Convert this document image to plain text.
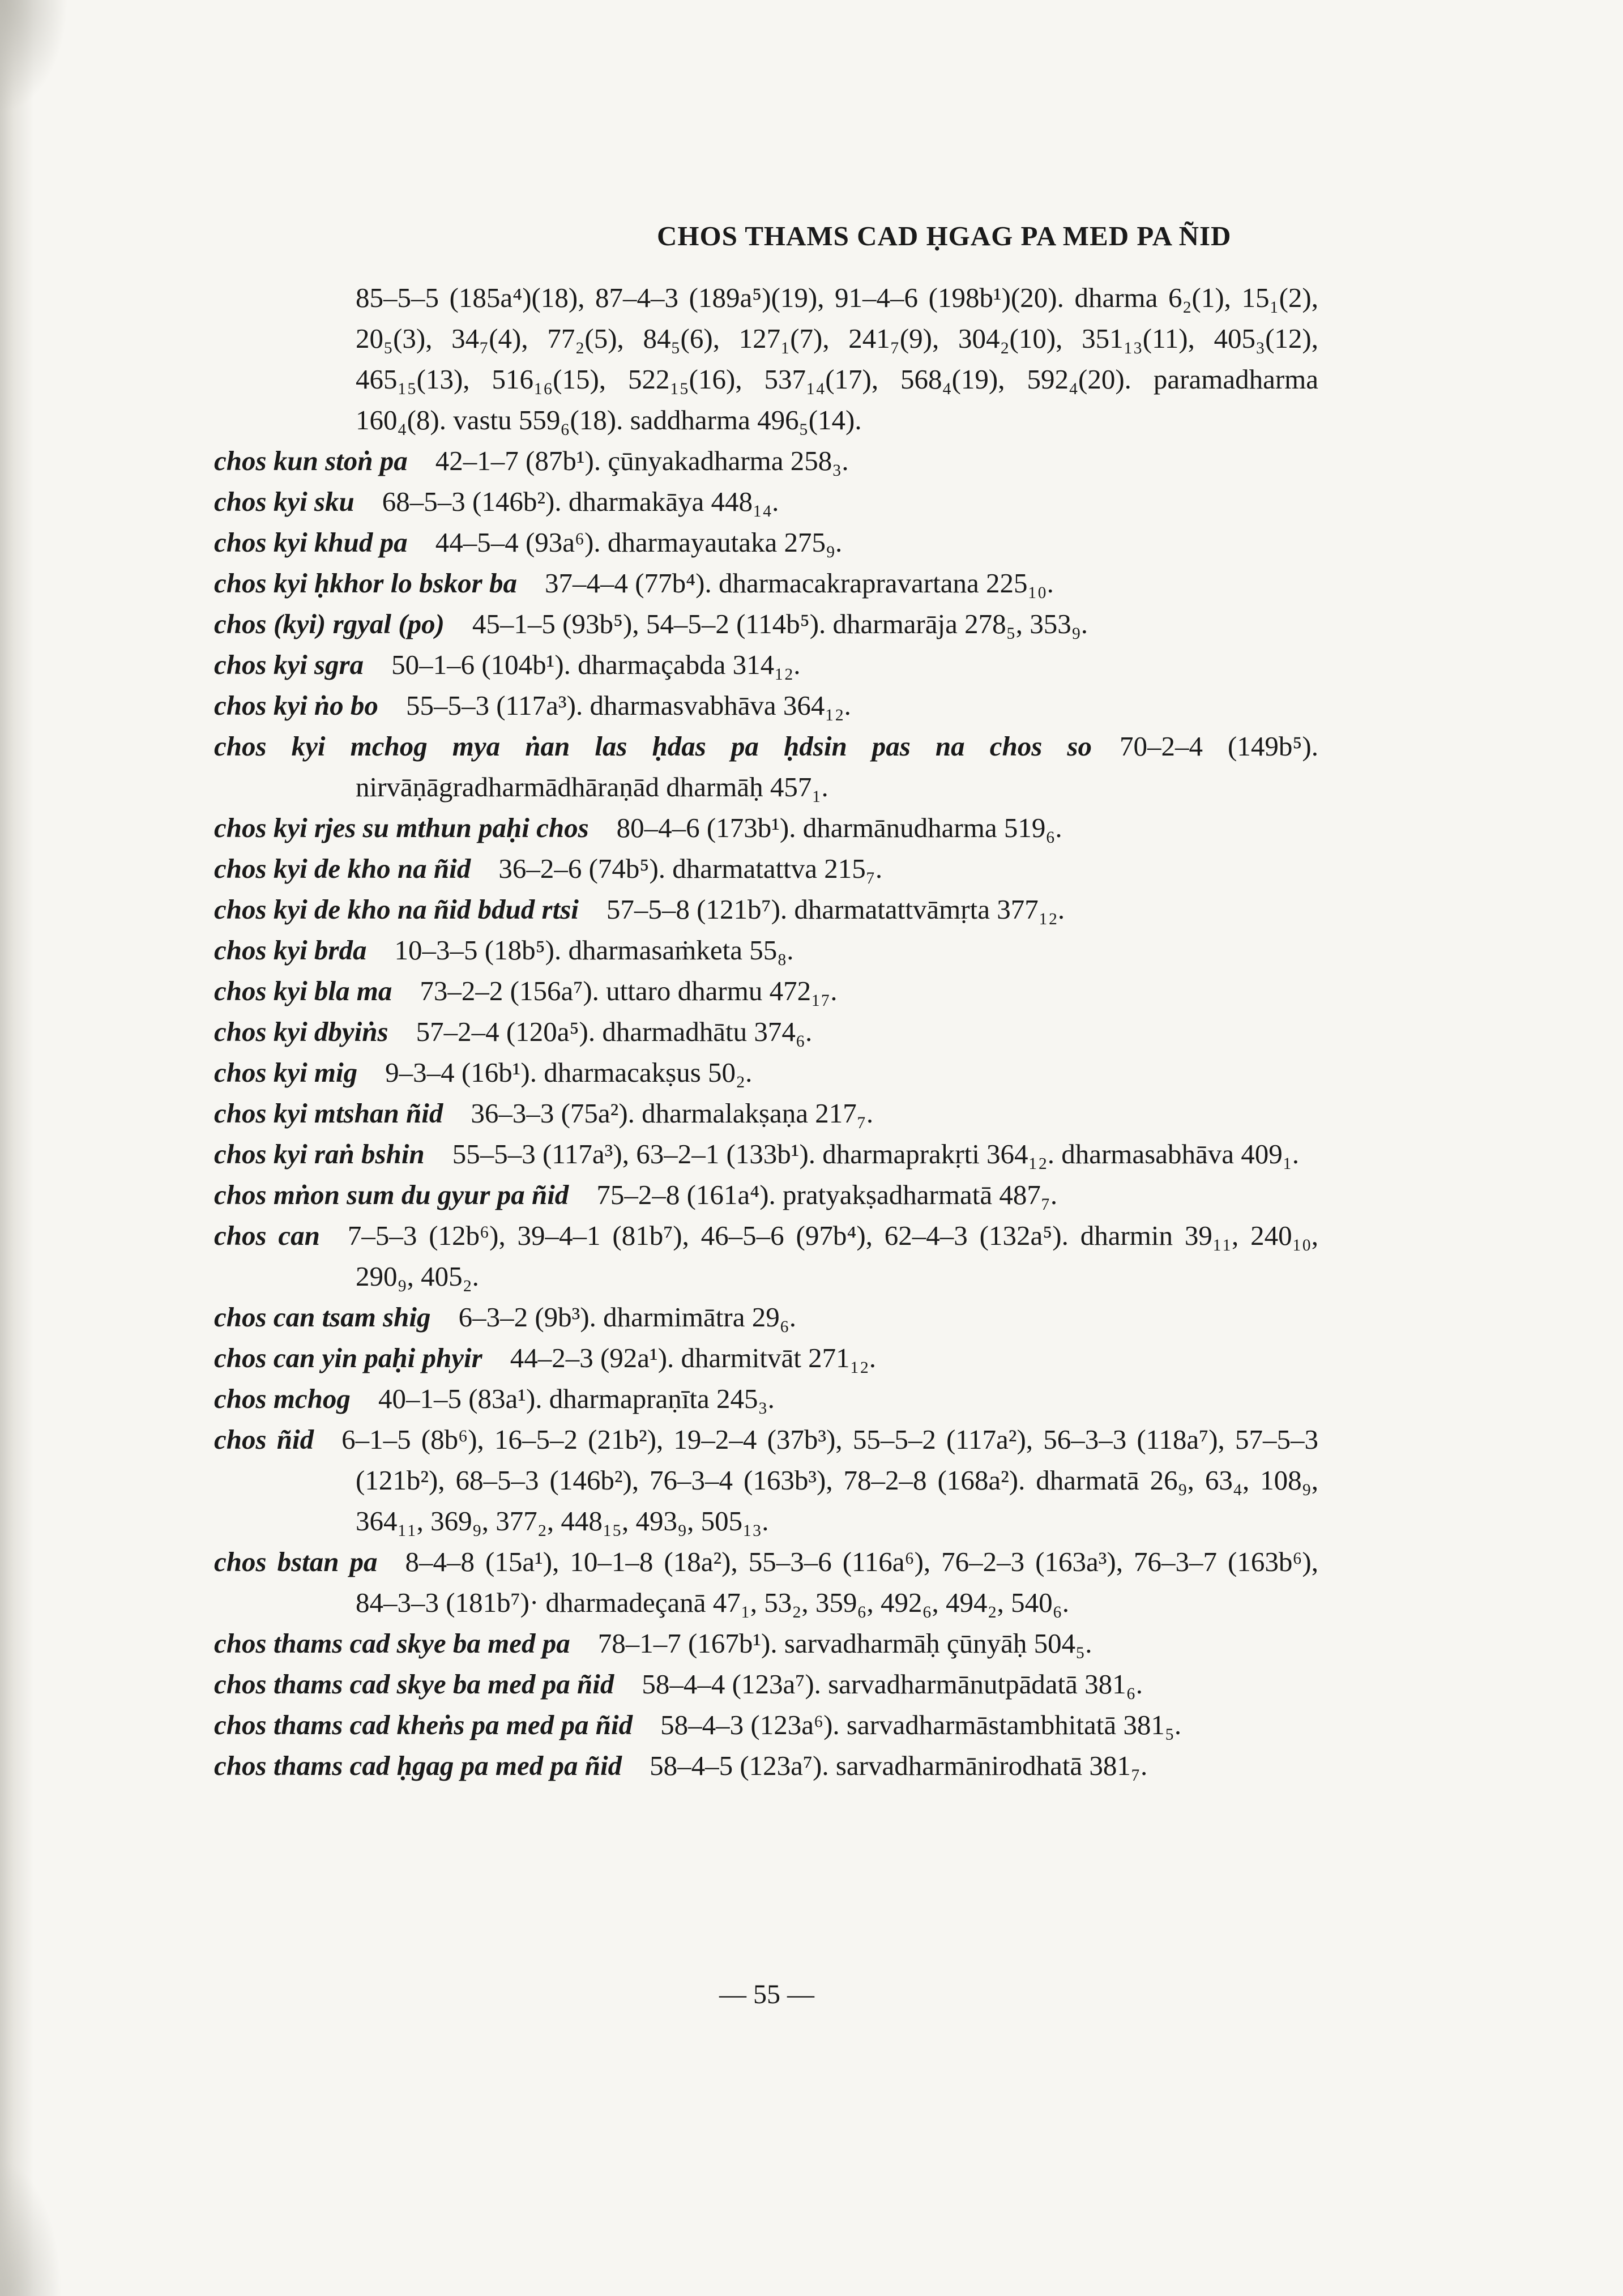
CHOS THAMS CAD ḤGAG PA MED PA ÑID
85–5–5 (185a⁴)(18), 87–4–3 (189a⁵)(19), 91–4–6 (198b¹)(20). dharma 6₂(1), 15₁(2), 20₅(3), 34₇(4), 77₂(5), 84₅(6), 127₁(7), 241₇(9), 304₂(10), 351₁₃(11), 405₃(12), 465₁₅(13), 516₁₆(15), 522₁₅(16), 537₁₄(17), 568₄(19), 592₄(20). paramadharma 160₄(8). vastu 559₆(18). saddharma 496₅(14).
chos kun stoṅ pa  42–1–7 (87b¹). çūnyakadharma 258₃.
chos kyi sku  68–5–3 (146b²). dharmakāya 448₁₄.
chos kyi khud pa  44–5–4 (93a⁶). dharmayautaka 275₉.
chos kyi ḥkhor lo bskor ba  37–4–4 (77b⁴). dharmacakrapravartana 225₁₀.
chos (kyi) rgyal (po)  45–1–5 (93b⁵), 54–5–2 (114b⁵). dharmarāja 278₅, 353₉.
chos kyi sgra  50–1–6 (104b¹). dharmaçabda 314₁₂.
chos kyi ṅo bo  55–5–3 (117a³). dharmasvabhāva 364₁₂.
chos kyi mchog mya ṅan las ḥdas pa ḥdsin pas na chos so  70–2–4 (149b⁵). nirvāṇāgradharmādhāraṇād dharmāḥ 457₁.
chos kyi rjes su mthun paḥi chos  80–4–6 (173b¹). dharmānudharma 519₆.
chos kyi de kho na ñid  36–2–6 (74b⁵). dharmatattva 215₇.
chos kyi de kho na ñid bdud rtsi  57–5–8 (121b⁷). dharmatattvāmṛta 377₁₂.
chos kyi brda  10–3–5 (18b⁵). dharmasaṁketa 55₈.
chos kyi bla ma  73–2–2 (156a⁷). uttaro dharmu 472₁₇.
chos kyi dbyiṅs  57–2–4 (120a⁵). dharmadhātu 374₆.
chos kyi mig  9–3–4 (16b¹). dharmacakṣus 50₂.
chos kyi mtshan ñid  36–3–3 (75a²). dharmalakṣaṇa 217₇.
chos kyi raṅ bshin  55–5–3 (117a³), 63–2–1 (133b¹). dharmaprakṛti 364₁₂. dharmasabhāva 409₁.
chos mṅon sum du gyur pa ñid  75–2–8 (161a⁴). pratyakṣadharmatā 487₇.
chos can  7–5–3 (12b⁶), 39–4–1 (81b⁷), 46–5–6 (97b⁴), 62–4–3 (132a⁵). dharmin 39₁₁, 240₁₀, 290₉, 405₂.
chos can tsam shig  6–3–2 (9b³). dharmimātra 29₆.
chos can yin paḥi phyir  44–2–3 (92a¹). dharmitvāt 271₁₂.
chos mchog  40–1–5 (83a¹). dharmapraṇīta 245₃.
chos ñid  6–1–5 (8b⁶), 16–5–2 (21b²), 19–2–4 (37b³), 55–5–2 (117a²), 56–3–3 (118a⁷), 57–5–3 (121b²), 68–5–3 (146b²), 76–3–4 (163b³), 78–2–8 (168a²). dharmatā 26₉, 63₄, 108₉, 364₁₁, 369₉, 377₂, 448₁₅, 493₉, 505₁₃.
chos bstan pa  8–4–8 (15a¹), 10–1–8 (18a²), 55–3–6 (116a⁶), 76–2–3 (163a³), 76–3–7 (163b⁶), 84–3–3 (181b⁷)· dharmadeçanā 47₁, 53₂, 359₆, 492₆, 494₂, 540₆.
chos thams cad skye ba med pa  78–1–7 (167b¹). sarvadharmāḥ çūnyāḥ 504₅.
chos thams cad skye ba med pa ñid  58–4–4 (123a⁷). sarvadharmānutpādatā 381₆.
chos thams cad kheṅs pa med pa ñid  58–4–3 (123a⁶). sarvadharmāstambhitatā 381₅.
chos thams cad ḥgag pa med pa ñid  58–4–5 (123a⁷). sarvadharmānirodhatā 381₇.
— 55 —
